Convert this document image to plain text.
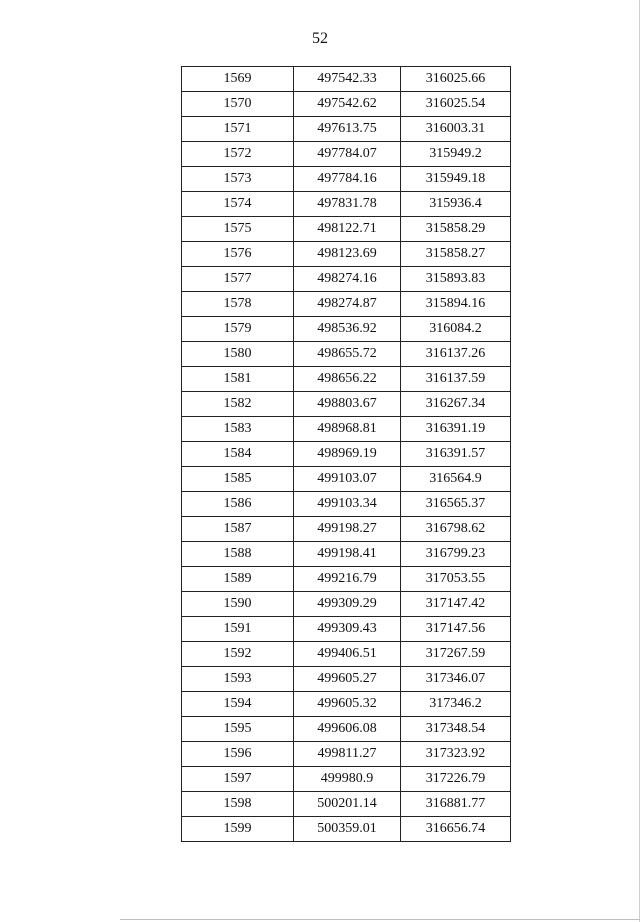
52
1569	497542.33	316025.66
1570	497542.62	316025.54
1571	497613.75	316003.31
1572	497784.07	315949.2
1573	497784.16	315949.18
1574	497831.78	315936.4
1575	498122.71	315858.29
1576	498123.69	315858.27
1577	498274.16	315893.83
1578	498274.87	315894.16
1579	498536.92	316084.2
1580	498655.72	316137.26
1581	498656.22	316137.59
1582	498803.67	316267.34
1583	498968.81	316391.19
1584	498969.19	316391.57
1585	499103.07	316564.9
1586	499103.34	316565.37
1587	499198.27	316798.62
1588	499198.41	316799.23
1589	499216.79	317053.55
1590	499309.29	317147.42
1591	499309.43	317147.56
1592	499406.51	317267.59
1593	499605.27	317346.07
1594	499605.32	317346.2
1595	499606.08	317348.54
1596	499811.27	317323.92
1597	499980.9	317226.79
1598	500201.14	316881.77
1599	500359.01	316656.74
